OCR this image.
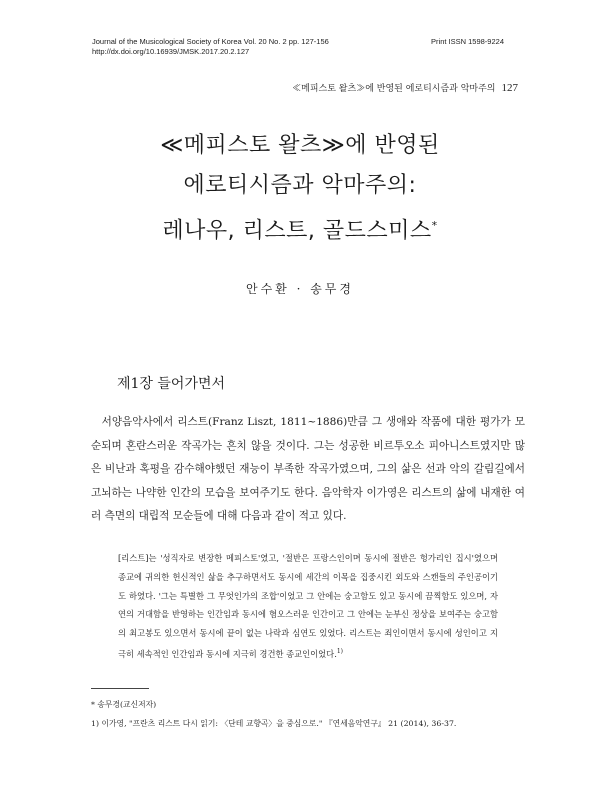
Journal of the Musicological Society of Korea Vol. 20 No. 2 pp. 127-156
http://dx.doi.org/10.16939/JMSK.2017.20.2.127
Print ISSN 1598-9224
≪메피스토 왈츠≫에 반영된 에로티시즘과 악마주의 127
≪메피스토 왈츠≫에 반영된
에로티시즘과 악마주의:
레나우, 리스트, 골드스미스*
안수환 · 송무경
제1장 들어가면서

서양음악사에서 리스트(Franz Liszt, 1811~1886)만큼 그 생애와 작품에 대한 평가가 모순되며 혼란스러운 작곡가는 흔치 않을 것이다. 그는 성공한 비르투오소 피아니스트였지만 많은 비난과 혹평을 감수해야했던 재능이 부족한 작곡가였으며, 그의 삶은 선과 악의 갈림길에서 고뇌하는 나약한 인간의 모습을 보여주기도 한다. 음악학자 이가영은 리스트의 삶에 내재한 여러 측면의 대립적 모순들에 대해 다음과 같이 적고 있다.

[리스트]는 '성직자로 변장한 메피스토'였고, '절반은 프랑스인이며 동시에 절반은 헝가리인 집시'였으며 종교에 귀의한 헌신적인 삶을 추구하면서도 동시에 세간의 이목을 집중시킨 외도와 스캔들의 주인공이기도 하였다. '그는 특별한 그 무엇인가의 조합'이었고 그 안에는 숭고함도 있고 동시에 끔찍함도 있으며, 자연의 거대함을 반영하는 인간임과 동시에 혐오스러운 인간이고 그 안에는 눈부신 정상을 보여주는 숭고함의 최고봉도 있으면서 동시에 끝이 없는 나락과 심연도 있었다. 리스트는 죄인이면서 동시에 성인이고 지극히 세속적인 인간임과 동시에 지극히 경건한 종교인이었다.$^{1)}$

* 송무경(교신저자)
1) 이가영, "프란츠 리스트 다시 읽기: 〈단테 교향곡〉을 중심으로." 『연세음악연구』 21 (2014), 36-37.
